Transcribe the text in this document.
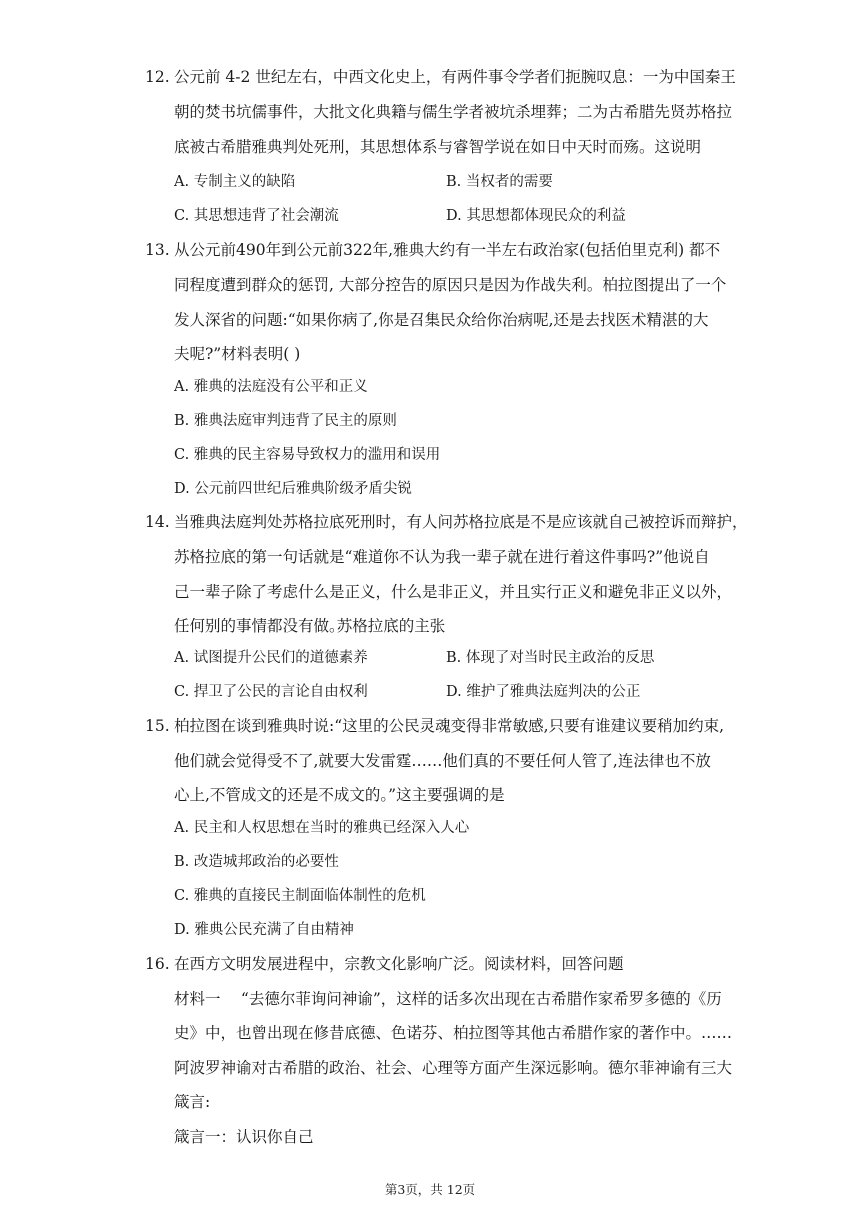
12. 公元前 4-2 世纪左右，中西文化史上，有两件事令学者们扼腕叹息：一为中国秦王
朝的焚书坑儒事件，大批文化典籍与儒生学者被坑杀埋葬；二为古希腊先贤苏格拉
底被古希腊雅典判处死刑，其思想体系与睿智学说在如日中天时而殇。这说明
A. 专制主义的缺陷	B. 当权者的需要
C. 其思想违背了社会潮流	D. 其思想都体现民众的利益
13. 从公元前490年到公元前322年,雅典大约有一半左右政治家(包括伯里克利) 都不
同程度遭到群众的惩罚, 大部分控告的原因只是因为作战失利。柏拉图提出了一个
发人深省的问题:“如果你病了,你是召集民众给你治病呢,还是去找医术精湛的大
夫呢?”材料表明( )
A. 雅典的法庭没有公平和正义
B. 雅典法庭审判违背了民主的原则
C. 雅典的民主容易导致权力的滥用和误用
D. 公元前四世纪后雅典阶级矛盾尖锐
14. 当雅典法庭判处苏格拉底死刑时，有人问苏格拉底是不是应该就自己被控诉而辩护，
苏格拉底的第一句话就是“难道你不认为我一辈子就在进行着这件事吗?”他说自
己一辈子除了考虑什么是正义，什么是非正义，并且实行正义和避免非正义以外，
任何别的事情都没有做｡苏格拉底的主张
A. 试图提升公民们的道德素养	B. 体现了对当时民主政治的反思
C. 捍卫了公民的言论自由权利	D. 维护了雅典法庭判决的公正
15. 柏拉图在谈到雅典时说:“这里的公民灵魂变得非常敏感,只要有谁建议要稍加约束,
他们就会觉得受不了,就要大发雷霆……他们真的不要任何人管了,连法律也不放
心上,不管成文的还是不成文的。”这主要强调的是
A. 民主和人权思想在当时的雅典已经深入人心
B. 改造城邦政治的必要性
C. 雅典的直接民主制面临体制性的危机
D. 雅典公民充满了自由精神
16. 在西方文明发展进程中，宗教文化影响广泛。阅读材料，回答问题
材料一　 “去德尔菲询问神谕”，这样的话多次出现在古希腊作家希罗多德的《历
史》中，也曾出现在修昔底德、色诺芬、柏拉图等其他古希腊作家的著作中。……
阿波罗神谕对古希腊的政治、社会、心理等方面产生深远影响。德尔菲神谕有三大
箴言:
箴言一：认识你自己
第3页，共 12页
